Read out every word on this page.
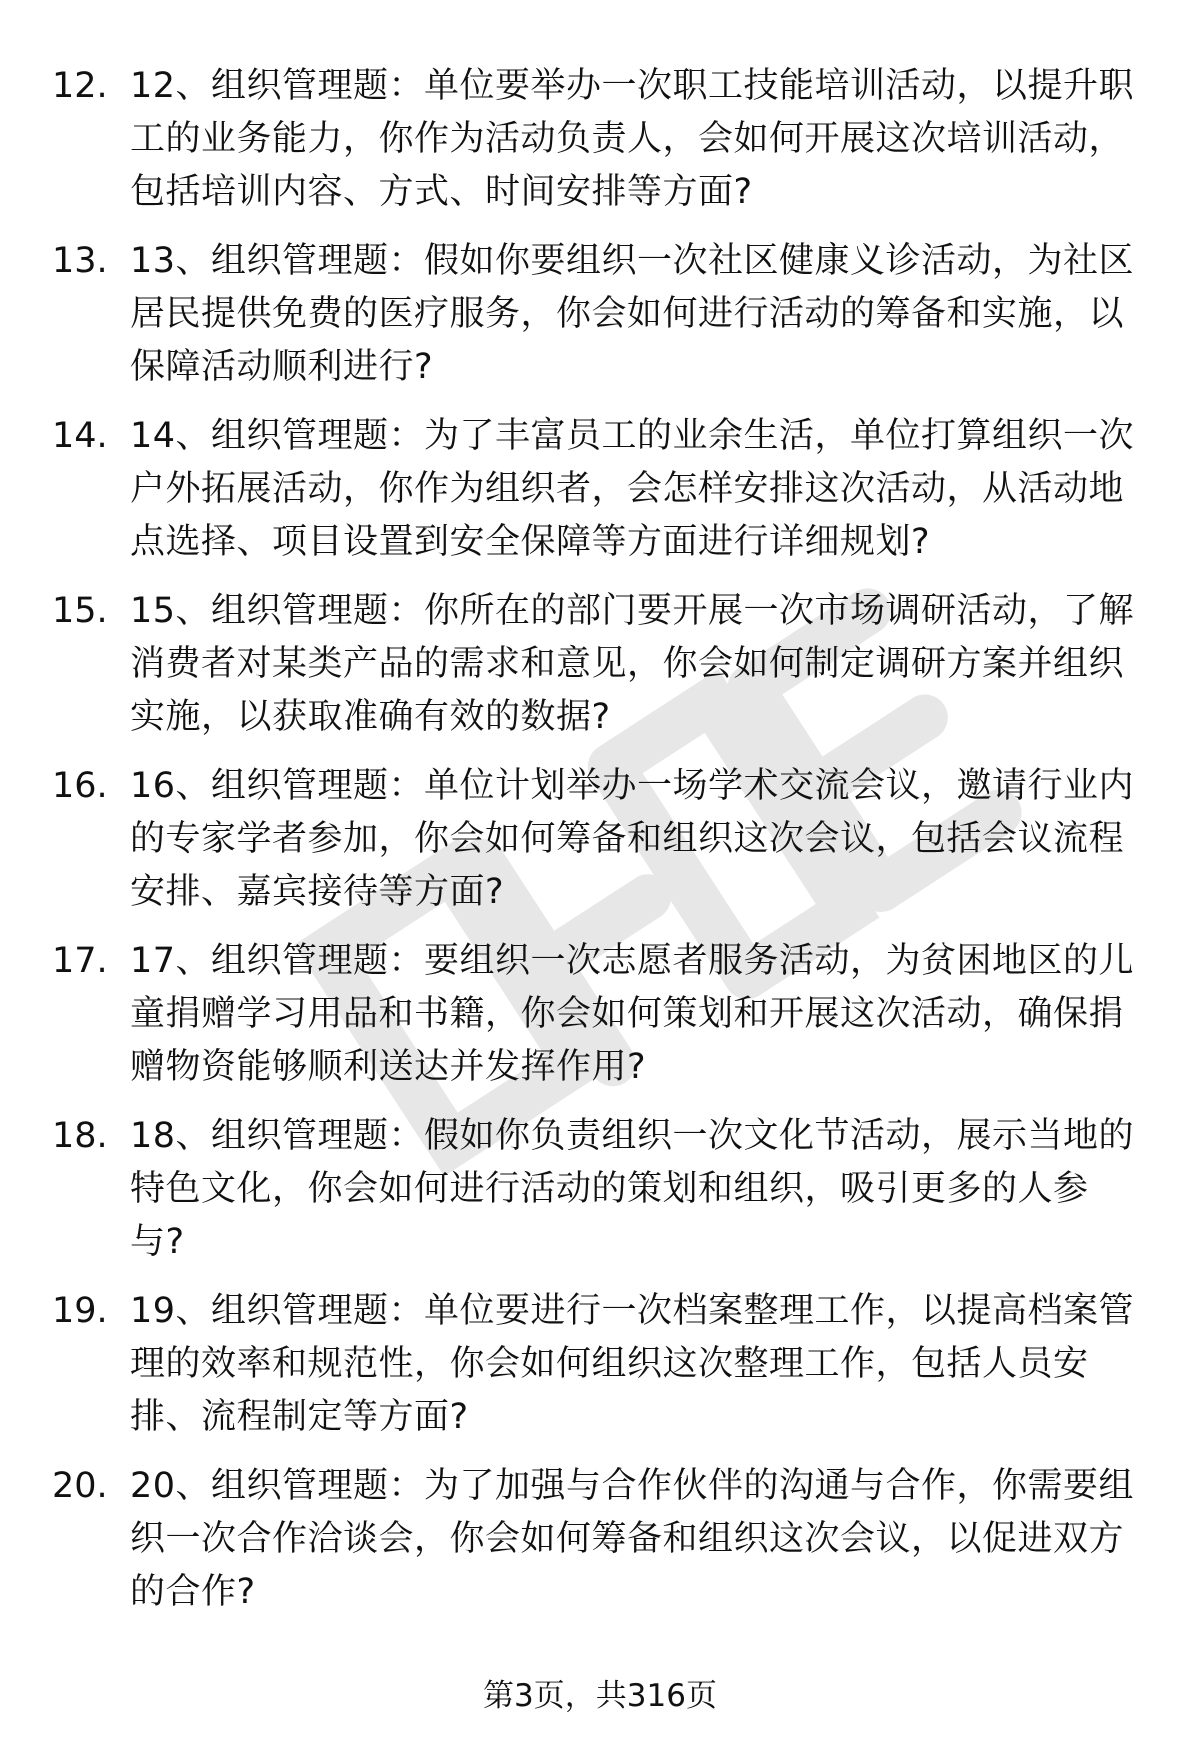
12. 12、组织管理题：单位要举办一次职工技能培训活动，以提升职工的业务能力，你作为活动负责人，会如何开展这次培训活动，包括培训内容、方式、时间安排等方面?
13. 13、组织管理题：假如你要组织一次社区健康义诊活动，为社区居民提供免费的医疗服务，你会如何进行活动的筹备和实施，以保障活动顺利进行?
14. 14、组织管理题：为了丰富员工的业余生活，单位打算组织一次户外拓展活动，你作为组织者，会怎样安排这次活动，从活动地点选择、项目设置到安全保障等方面进行详细规划?
15. 15、组织管理题：你所在的部门要开展一次市场调研活动，了解消费者对某类产品的需求和意见，你会如何制定调研方案并组织实施，以获取准确有效的数据?
16. 16、组织管理题：单位计划举办一场学术交流会议，邀请行业内的专家学者参加，你会如何筹备和组织这次会议，包括会议流程安排、嘉宾接待等方面?
17. 17、组织管理题：要组织一次志愿者服务活动，为贫困地区的儿童捐赠学习用品和书籍，你会如何策划和开展这次活动，确保捐赠物资能够顺利送达并发挥作用?
18. 18、组织管理题：假如你负责组织一次文化节活动，展示当地的特色文化，你会如何进行活动的策划和组织，吸引更多的人参与?
19. 19、组织管理题：单位要进行一次档案整理工作，以提高档案管理的效率和规范性，你会如何组织这次整理工作，包括人员安排、流程制定等方面?
20. 20、组织管理题：为了加强与合作伙伴的沟通与合作，你需要组织一次合作洽谈会，你会如何筹备和组织这次会议，以促进双方的合作?
第3页，共316页
